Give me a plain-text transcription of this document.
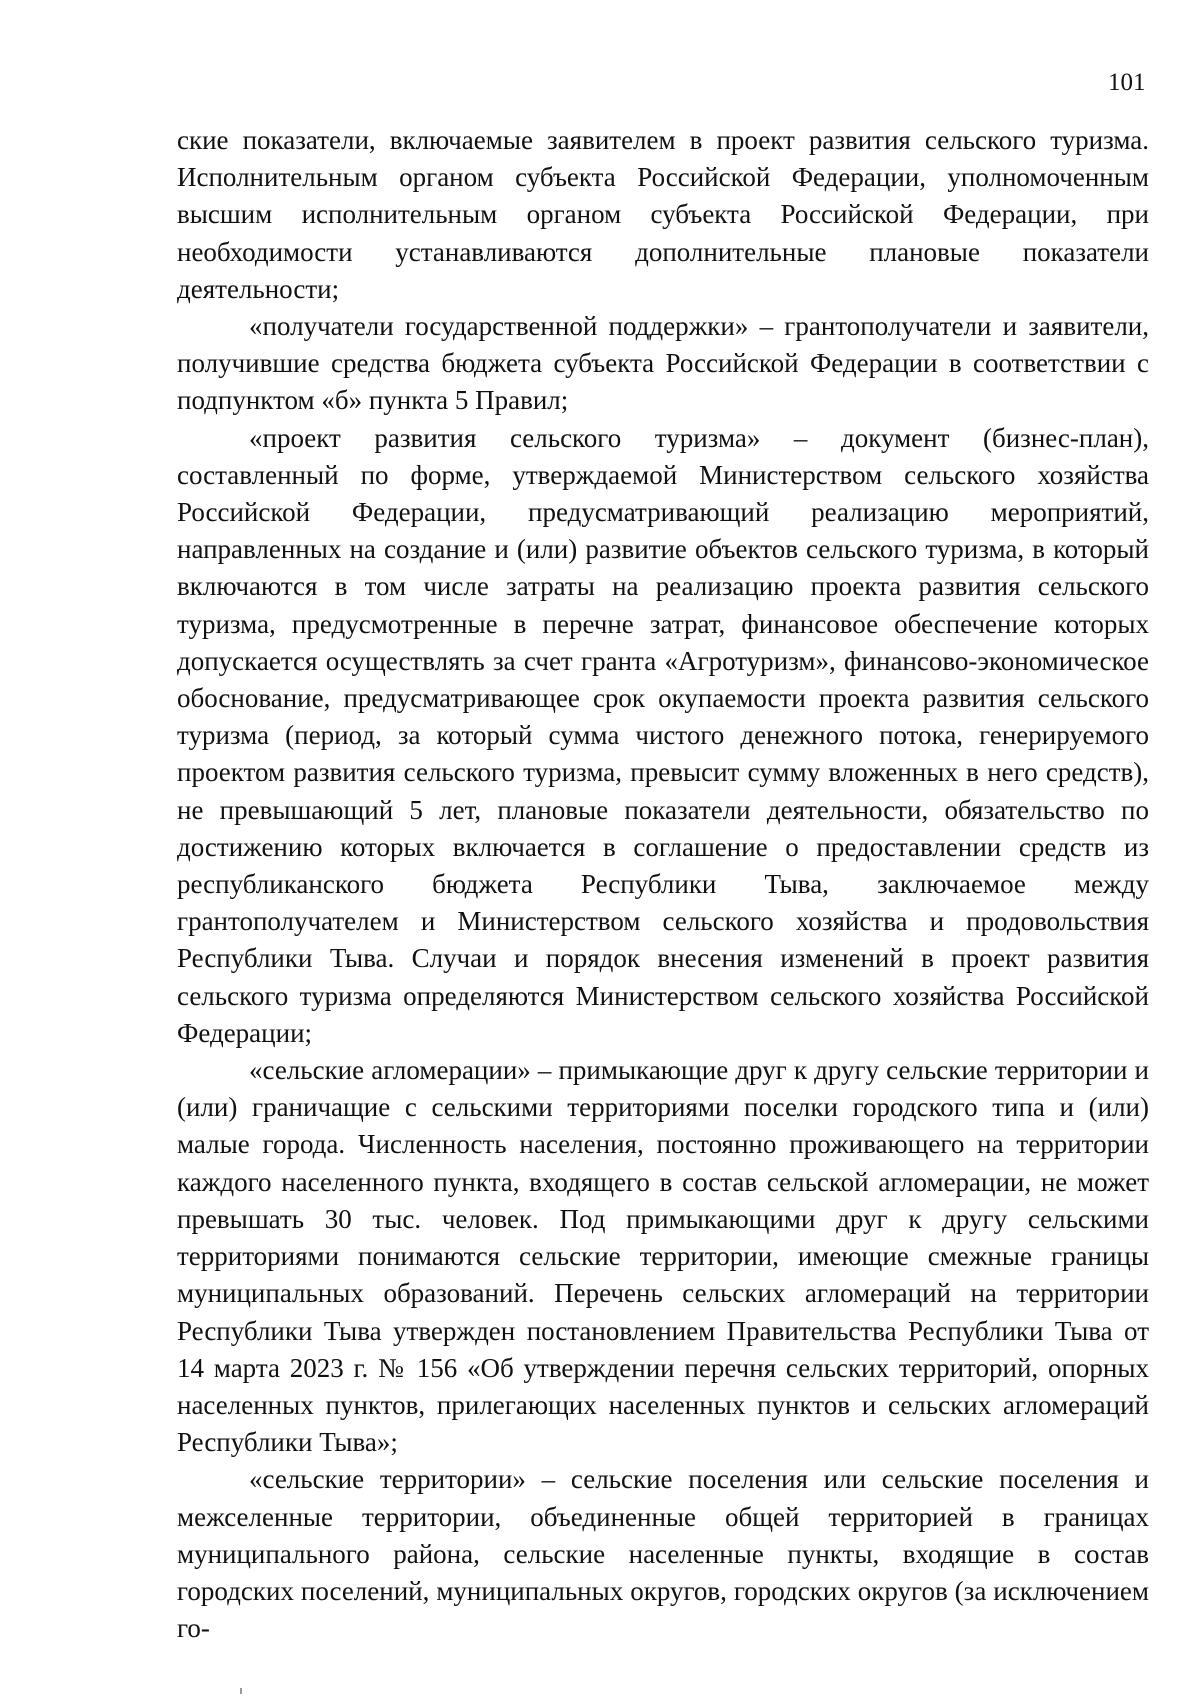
101

ские показатели, включаемые заявителем в проект развития сельского туризма. Исполнительным органом субъекта Российской Федерации, уполномоченным высшим исполнительным органом субъекта Российской Федерации, при необходимости устанавливаются дополнительные плановые показатели деятельности;

«получатели государственной поддержки» – грантополучатели и заявители, получившие средства бюджета субъекта Российской Федерации в соответствии с подпунктом «б» пункта 5 Правил;

«проект развития сельского туризма» – документ (бизнес-план), составленный по форме, утверждаемой Министерством сельского хозяйства Российской Федерации, предусматривающий реализацию мероприятий, направленных на создание и (или) развитие объектов сельского туризма, в который включаются в том числе затраты на реализацию проекта развития сельского туризма, предусмотренные в перечне затрат, финансовое обеспечение которых допускается осуществлять за счет гранта «Агротуризм», финансово-экономическое обоснование, предусматривающее срок окупаемости проекта развития сельского туризма (период, за который сумма чистого денежного потока, генерируемого проектом развития сельского туризма, превысит сумму вложенных в него средств), не превышающий 5 лет, плановые показатели деятельности, обязательство по достижению которых включается в соглашение о предоставлении средств из республиканского бюджета Республики Тыва, заключаемое между грантополучателем и Министерством сельского хозяйства и продовольствия Республики Тыва. Случаи и порядок внесения изменений в проект развития сельского туризма определяются Министерством сельского хозяйства Российской Федерации;

«сельские агломерации» – примыкающие друг к другу сельские территории и (или) граничащие с сельскими территориями поселки городского типа и (или) малые города. Численность населения, постоянно проживающего на территории каждого населенного пункта, входящего в состав сельской агломерации, не может превышать 30 тыс. человек. Под примыкающими друг к другу сельскими территориями понимаются сельские территории, имеющие смежные границы муниципальных образований. Перечень сельских агломераций на территории Республики Тыва утвержден постановлением Правительства Республики Тыва от 14 марта 2023 г. № 156 «Об утверждении перечня сельских территорий, опорных населенных пунктов, прилегающих населенных пунктов и сельских агломераций Республики Тыва»;

«сельские территории» – сельские поселения или сельские поселения и межселенные территории, объединенные общей территорией в границах муниципального района, сельские населенные пункты, входящие в состав городских поселений, муниципальных округов, городских округов (за исключением го-
